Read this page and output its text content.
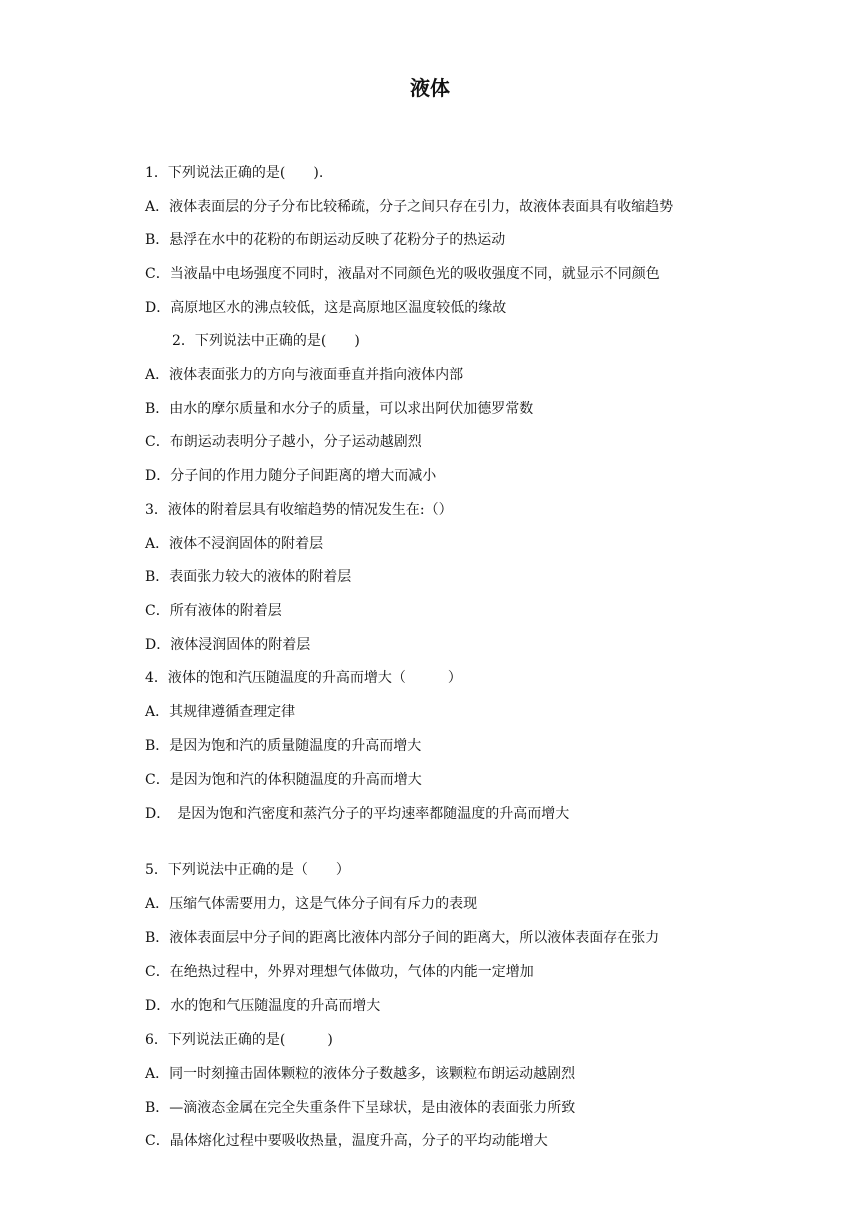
液体
1．下列说法正确的是(　　).
A．液体表面层的分子分布比较稀疏，分子之间只存在引力，故液体表面具有收缩趋势
B．悬浮在水中的花粉的布朗运动反映了花粉分子的热运动
C．当液晶中电场强度不同时，液晶对不同颜色光的吸收强度不同，就显示不同颜色
D．高原地区水的沸点较低，这是高原地区温度较低的缘故
2．下列说法中正确的是(　　)
A．液体表面张力的方向与液面垂直并指向液体内部
B．由水的摩尔质量和水分子的质量，可以求出阿伏加德罗常数
C．布朗运动表明分子越小，分子运动越剧烈
D．分子间的作用力随分子间距离的增大而减小
3．液体的附着层具有收缩趋势的情况发生在:（）
A．液体不浸润固体的附着层
B．表面张力较大的液体的附着层
C．所有液体的附着层
D．液体浸润固体的附着层
4．液体的饱和汽压随温度的升高而增大（　　　）
A．其规律遵循查理定律
B．是因为饱和汽的质量随温度的升高而增大
C．是因为饱和汽的体积随温度的升高而增大
D．　是因为饱和汽密度和蒸汽分子的平均速率都随温度的升高而增大
5．下列说法中正确的是（　　）
A．压缩气体需要用力，这是气体分子间有斥力的表现
B．液体表面层中分子间的距离比液体内部分子间的距离大，所以液体表面存在张力
C．在绝热过程中，外界对理想气体做功，气体的内能一定增加
D．水的饱和气压随温度的升高而增大
6．下列说法正确的是(　　　)
A．同一时刻撞击固体颗粒的液体分子数越多，该颗粒布朗运动越剧烈
B．—滴液态金属在完全失重条件下呈球状，是由液体的表面张力所致
C．晶体熔化过程中要吸收热量，温度升高，分子的平均动能增大
